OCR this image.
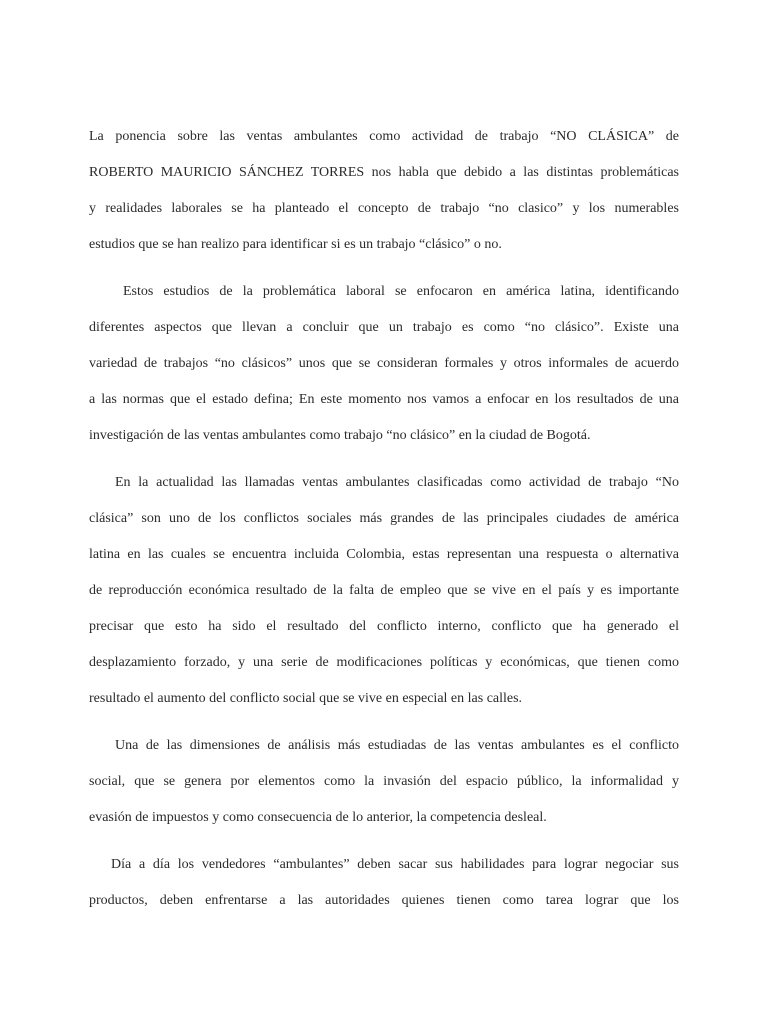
La ponencia sobre las ventas ambulantes como actividad de trabajo “NO CLÁSICA” de
ROBERTO MAURICIO SÁNCHEZ TORRES nos habla que debido a las distintas problemáticas
y realidades laborales se ha planteado el concepto de trabajo “no clasico” y los numerables
estudios que se han realizo para identificar si es un trabajo “clásico” o no.
Estos estudios de la problemática laboral se enfocaron en américa latina, identificando
diferentes aspectos que llevan a concluir que un trabajo es como “no clásico”. Existe una
variedad de trabajos “no clásicos” unos que se consideran formales y otros informales de acuerdo
a las normas que el estado defina; En este momento nos vamos a enfocar en los resultados de una
investigación de las ventas ambulantes como trabajo “no clásico” en la ciudad de Bogotá.
En la actualidad las llamadas ventas ambulantes clasificadas como actividad de trabajo “No
clásica” son uno de los conflictos sociales más grandes de las principales ciudades de américa
latina en las cuales se encuentra incluida Colombia, estas representan una respuesta o alternativa
de reproducción económica resultado de la falta de empleo que se vive en el país y es importante
precisar que esto ha sido el resultado del conflicto interno, conflicto que ha generado el
desplazamiento forzado, y una serie de modificaciones políticas y económicas, que tienen como
resultado el aumento del conflicto social que se vive en especial en las calles.
Una de las dimensiones de análisis más estudiadas de las ventas ambulantes es el conflicto
social, que se genera por elementos como la invasión del espacio público, la informalidad y
evasión de impuestos y como consecuencia de lo anterior, la competencia desleal.
Día a día los vendedores “ambulantes” deben sacar sus habilidades para lograr negociar sus
productos, deben enfrentarse a las autoridades quienes tienen como tarea lograr que los
